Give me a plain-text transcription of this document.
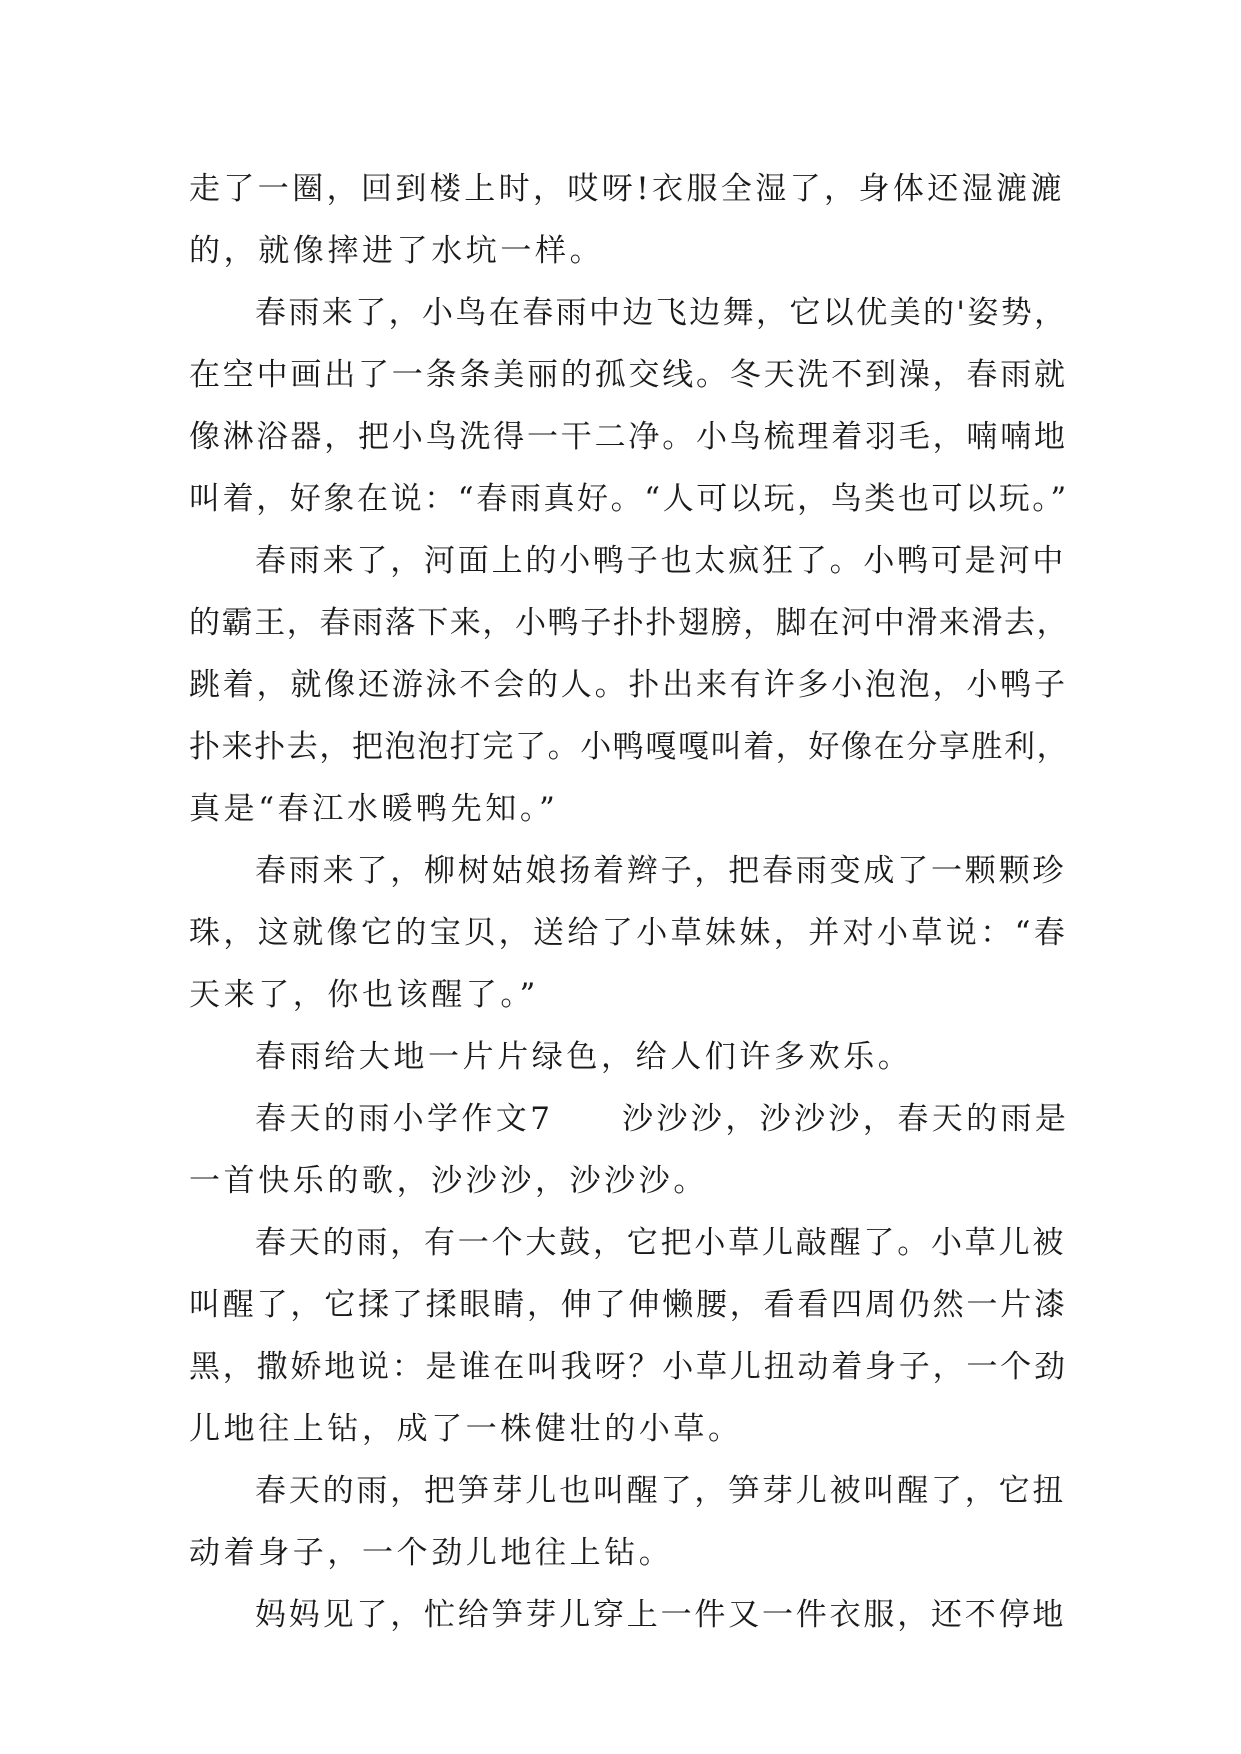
走了一圈，回到楼上时，哎呀!衣服全湿了，身体还湿漉漉
的，就像摔进了水坑一样。
春雨来了，小鸟在春雨中边飞边舞，它以优美的'姿势，
在空中画出了一条条美丽的孤交线。冬天洗不到澡，春雨就
像淋浴器，把小鸟洗得一干二净。小鸟梳理着羽毛，喃喃地
叫着，好象在说：“春雨真好。“人可以玩，鸟类也可以玩。”
春雨来了，河面上的小鸭子也太疯狂了。小鸭可是河中
的霸王，春雨落下来，小鸭子扑扑翅膀，脚在河中滑来滑去，
跳着，就像还游泳不会的人。扑出来有许多小泡泡，小鸭子
扑来扑去，把泡泡打完了。小鸭嘎嘎叫着，好像在分享胜利，
真是“春江水暖鸭先知。”
春雨来了，柳树姑娘扬着辫子，把春雨变成了一颗颗珍
珠，这就像它的宝贝，送给了小草妹妹，并对小草说：“春
天来了，你也该醒了。”
春雨给大地一片片绿色，给人们许多欢乐。
春天的雨小学作文7　　沙沙沙，沙沙沙，春天的雨是
一首快乐的歌，沙沙沙，沙沙沙。
春天的雨，有一个大鼓，它把小草儿敲醒了。小草儿被
叫醒了，它揉了揉眼睛，伸了伸懒腰，看看四周仍然一片漆
黑，撒娇地说：是谁在叫我呀？小草儿扭动着身子，一个劲
儿地往上钻，成了一株健壮的小草。
春天的雨，把笋芽儿也叫醒了，笋芽儿被叫醒了，它扭
动着身子，一个劲儿地往上钻。
妈妈见了，忙给笋芽儿穿上一件又一件衣服，还不停地
